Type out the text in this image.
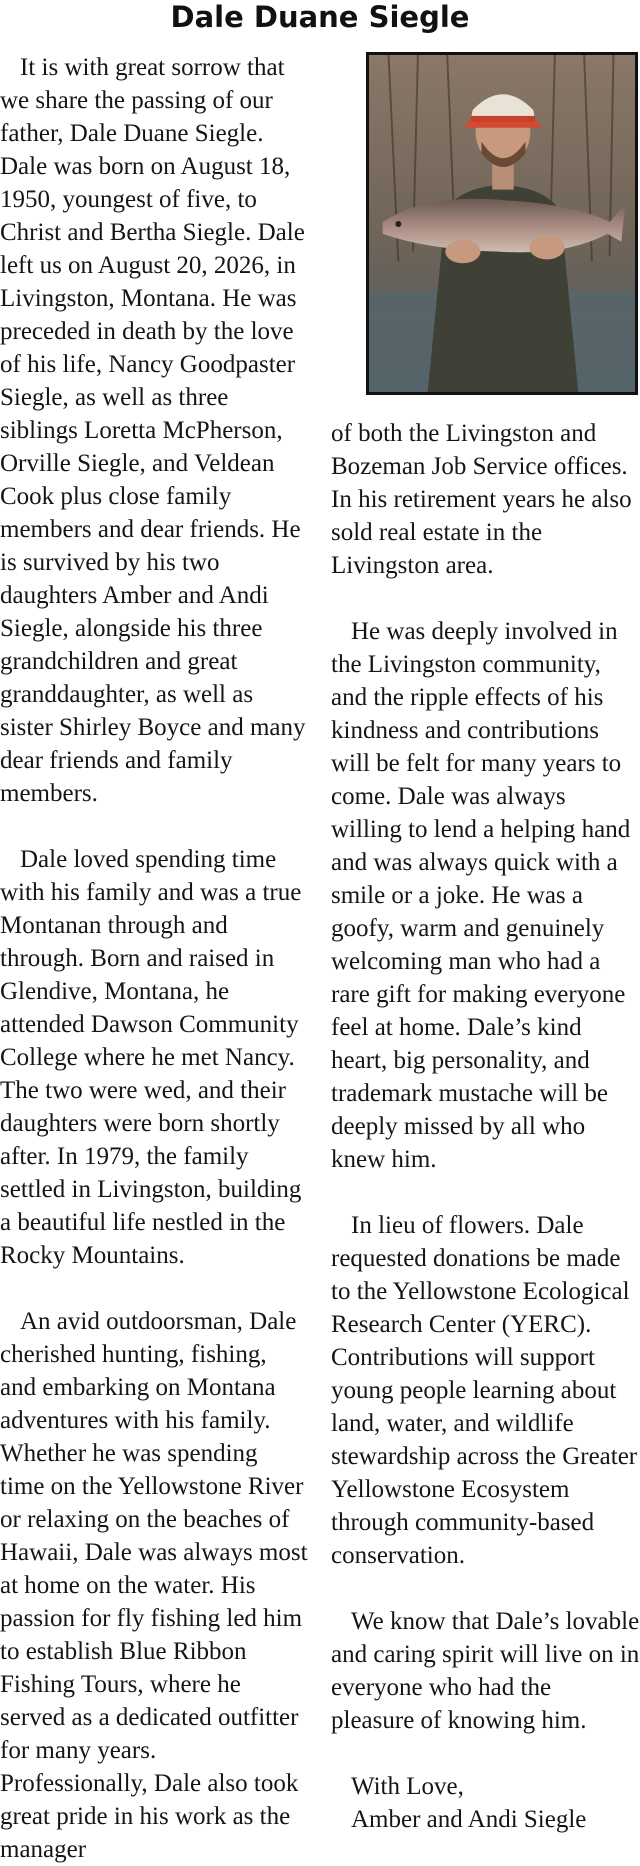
Dale Duane Siegle

It is with great sorrow that we share the passing of our father, Dale Duane Siegle. Dale was born on August 18, 1950, youngest of five, to Christ and Bertha Siegle. Dale left us on August 20, 2026, in Livingston, Montana. He was preceded in death by the love of his life, Nancy Goodpaster Siegle, as well as three siblings Loretta McPherson, Orville Siegle, and Veldean Cook plus close family members and dear friends. He is survived by his two daughters Amber and Andi Siegle, alongside his three grandchildren and great granddaughter, as well as sister Shirley Boyce and many dear friends and family members.

Dale loved spending time with his family and was a true Montanan through and through. Born and raised in Glendive, Montana, he attended Dawson Community College where he met Nancy. The two were wed, and their daughters were born shortly after. In 1979, the family settled in Livingston, building a beautiful life nestled in the Rocky Mountains.

An avid outdoorsman, Dale cherished hunting, fishing, and embarking on Montana adventures with his family. Whether he was spending time on the Yellowstone River or relaxing on the beaches of Hawaii, Dale was always most at home on the water. His passion for fly fishing led him to establish Blue Ribbon Fishing Tours, where he served as a dedicated outfitter for many years. Professionally, Dale also took great pride in his work as the manager

of both the Livingston and Bozeman Job Service offices. In his retirement years he also sold real estate in the Livingston area.

He was deeply involved in the Livingston community, and the ripple effects of his kindness and contributions will be felt for many years to come. Dale was always willing to lend a helping hand and was always quick with a smile or a joke. He was a goofy, warm and genuinely welcoming man who had a rare gift for making everyone feel at home. Dale’s kind heart, big personality, and trademark mustache will be deeply missed by all who knew him.

In lieu of flowers. Dale requested donations be made to the Yellowstone Ecological Research Center (YERC). Contributions will support young people learning about land, water, and wildlife stewardship across the Greater Yellowstone Ecosystem through community-based conservation.

We know that Dale’s lovable and caring spirit will live on in everyone who had the pleasure of knowing him.

With Love,
Amber and Andi Siegle
